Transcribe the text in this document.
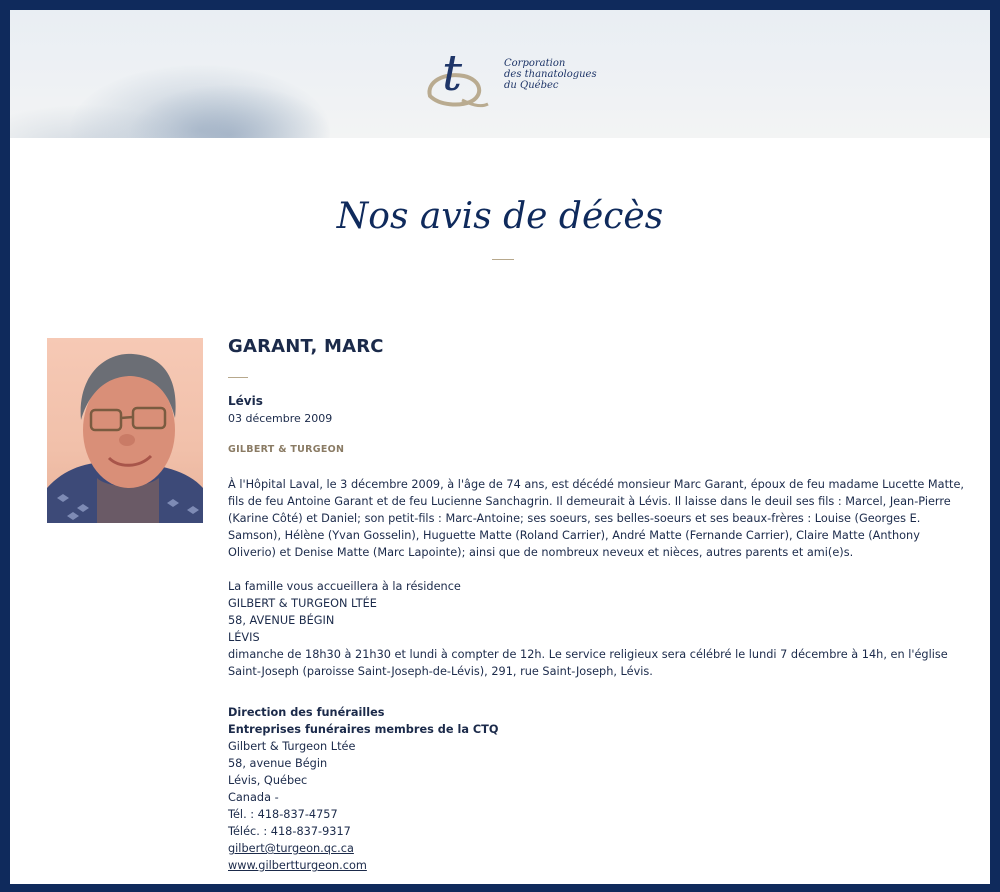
t	Corporation
des thanatologues
du Québec
Nos avis de décès
GARANT, MARC
Lévis
03 décembre 2009
GILBERT & TURGEON

À l'Hôpital Laval, le 3 décembre 2009, à l'âge de 74 ans, est décédé monsieur Marc Garant, époux de feu madame Lucette Matte, fils de feu Antoine Garant et de feu Lucienne Sanchagrin. Il demeurait à Lévis. Il laisse dans le deuil ses fils : Marcel, Jean-Pierre (Karine Côté) et Daniel; son petit-fils : Marc-Antoine; ses soeurs, ses belles-soeurs et ses beaux-frères : Louise (Georges E. Samson), Hélène (Yvan Gosselin), Huguette Matte (Roland Carrier), André Matte (Fernande Carrier), Claire Matte (Anthony Oliverio) et Denise Matte (Marc Lapointe); ainsi que de nombreux neveux et nièces, autres parents et ami(e)s.

La famille vous accueillera à la résidence
GILBERT & TURGEON LTÉE
58, AVENUE BÉGIN
LÉVIS
dimanche de 18h30 à 21h30 et lundi à compter de 12h. Le service religieux sera célébré le lundi 7 décembre à 14h, en l'église Saint-Joseph (paroisse Saint-Joseph-de-Lévis), 291, rue Saint-Joseph, Lévis.
Direction des funérailles
Entreprises funéraires membres de la CTQ
Gilbert & Turgeon Ltée
58, avenue Bégin
Lévis, Québec
Canada -
Tél. : 418-837-4757
Téléc. : 418-837-9317
gilbert@turgeon.qc.ca
www.gilbertturgeon.com
